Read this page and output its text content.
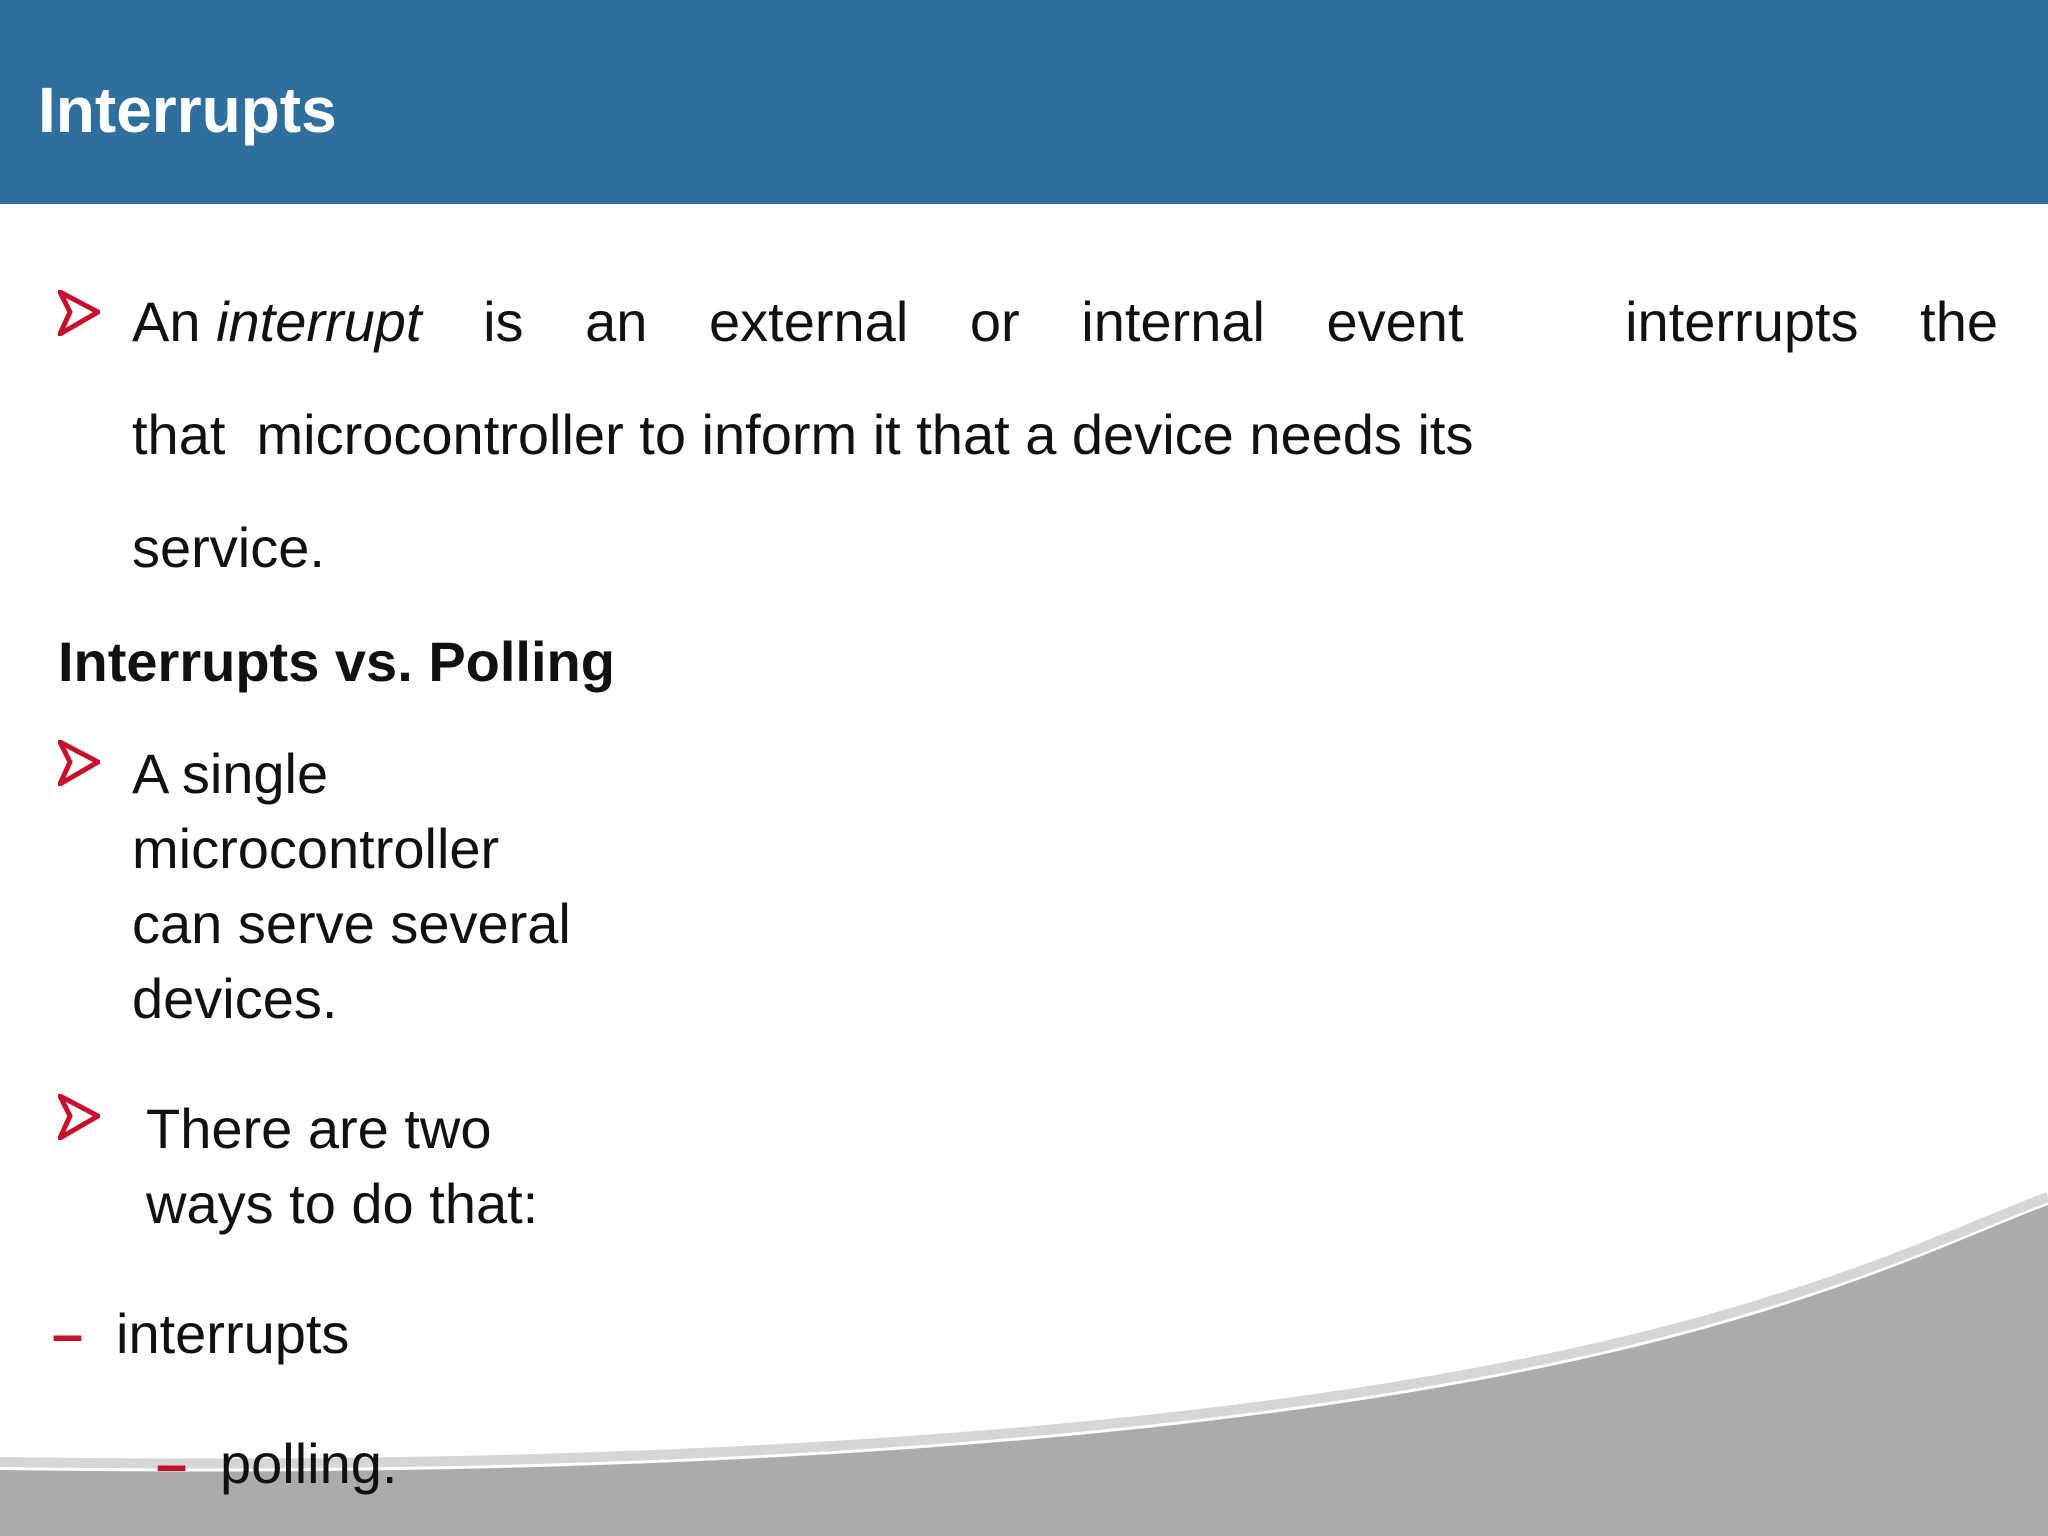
Interrupts
An interrupt is an external or internal event	interrupts the
that  microcontroller to inform it that a device needs its
service.
Interrupts vs. Polling
A single microcontroller can serve several devices.
There are two ways to do that:
– interrupts
– polling.
